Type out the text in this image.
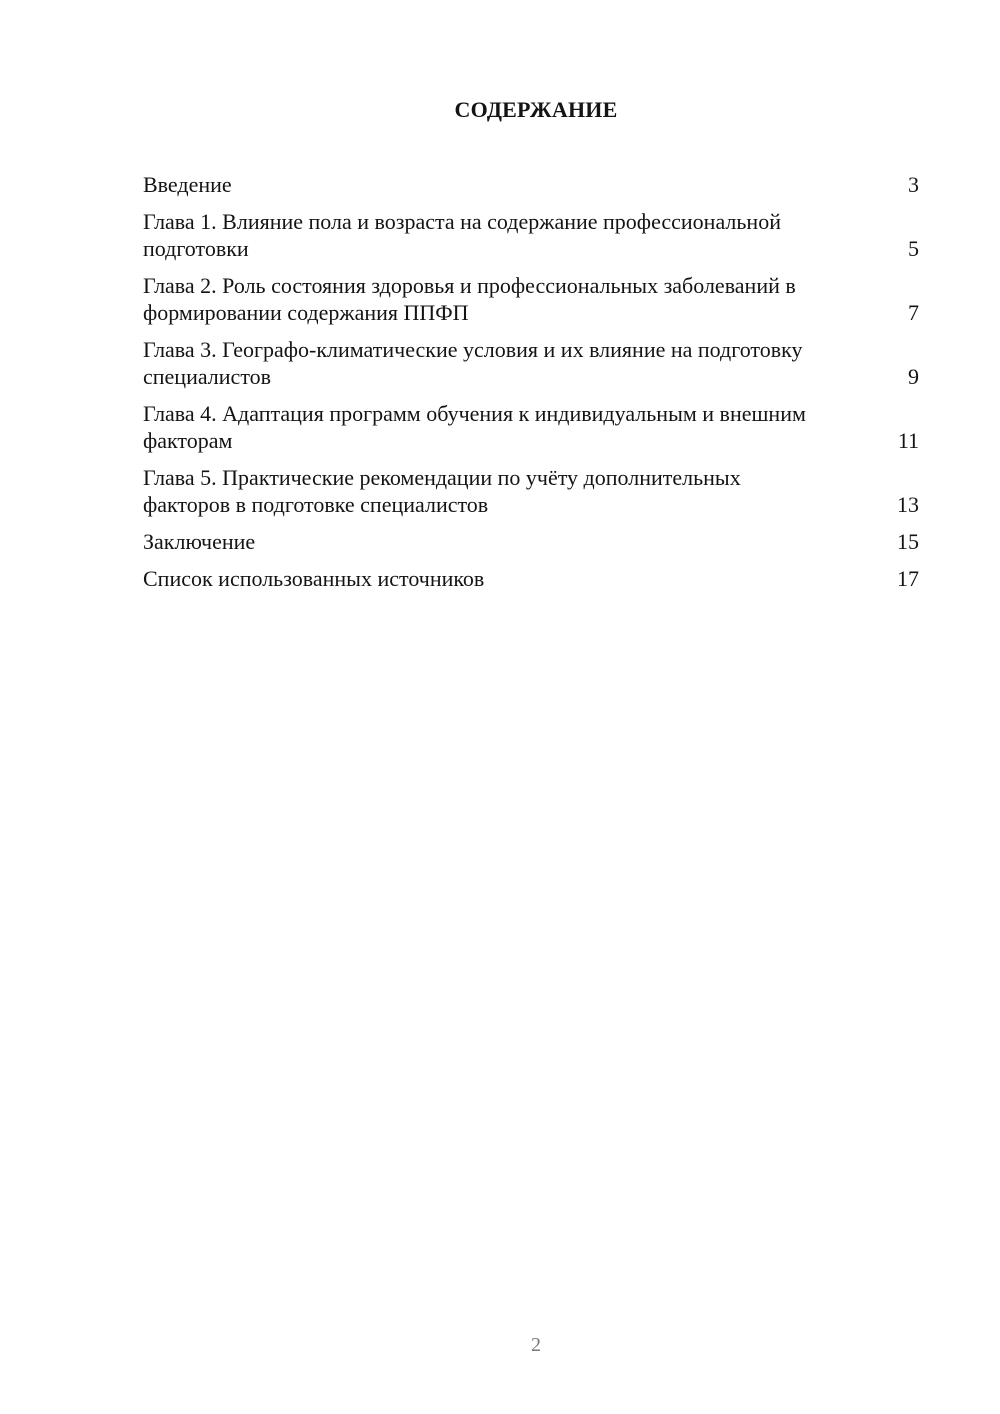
СОДЕРЖАНИЕ
Введение	3
Глава 1. Влияние пола и возраста на содержание профессиональной подготовки	5
Глава 2. Роль состояния здоровья и профессиональных заболеваний в формировании содержания ППФП	7
Глава 3. Географо-климатические условия и их влияние на подготовку специалистов	9
Глава 4. Адаптация программ обучения к индивидуальным и внешним факторам	11
Глава 5. Практические рекомендации по учёту дополнительных факторов в подготовке специалистов	13
Заключение	15
Список использованных источников	17
2
